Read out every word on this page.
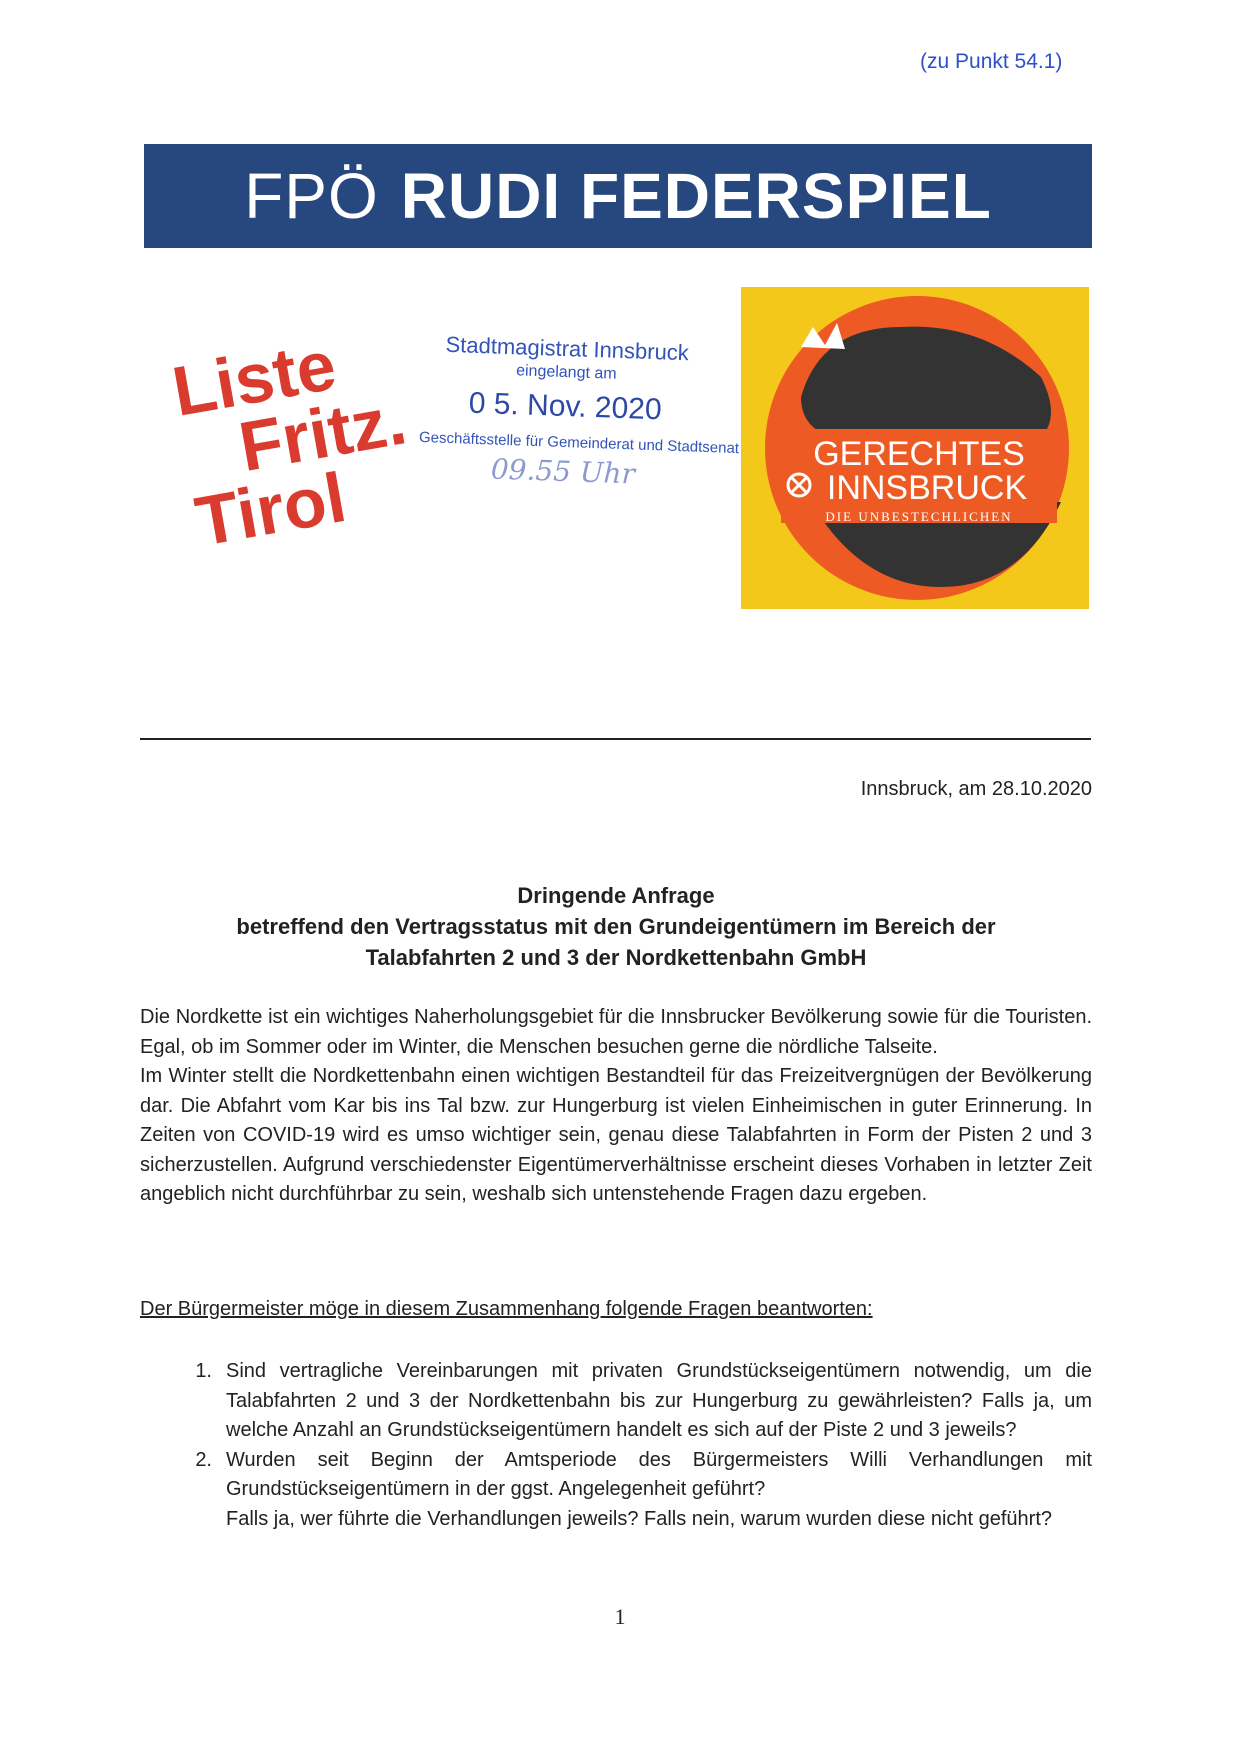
(zu Punkt 54.1)
FPÖ RUDI FEDERSPIEL
Liste
Fritz.
Tirol
Stadtmagistrat Innsbruck
eingelangt am
0 5. Nov. 2020
Geschäftsstelle für Gemeinderat und Stadtsenat
09.55 Uhr	GERECHTES
INNSBRUCK
DIE UNBESTECHLICHEN
Innsbruck, am 28.10.2020
Dringende Anfrage
betreffend den Vertragsstatus mit den Grundeigentümern im Bereich der
Talabfahrten 2 und 3 der Nordkettenbahn GmbH

Die Nordkette ist ein wichtiges Naherholungsgebiet für die Innsbrucker Bevölkerung sowie für die Touristen. Egal, ob im Sommer oder im Winter, die Menschen besuchen gerne die nördliche Talseite.

Im Winter stellt die Nordkettenbahn einen wichtigen Bestandteil für das Freizeitvergnügen der Bevölkerung dar. Die Abfahrt vom Kar bis ins Tal bzw. zur Hungerburg ist vielen Einheimischen in guter Erinnerung. In Zeiten von COVID-19 wird es umso wichtiger sein, genau diese Talabfahrten in Form der Pisten 2 und 3 sicherzustellen. Aufgrund verschiedenster Eigentümerverhältnisse erscheint dieses Vorhaben in letzter Zeit angeblich nicht durchführbar zu sein, weshalb sich untenstehende Fragen dazu ergeben.

Der Bürgermeister möge in diesem Zusammenhang folgende Fragen beantworten:
1. Sind vertragliche Vereinbarungen mit privaten Grundstückseigentümern notwendig, um die Talabfahrten 2 und 3 der Nordkettenbahn bis zur Hungerburg zu gewährleisten? Falls ja, um welche Anzahl an Grundstückseigentümern handelt es sich auf der Piste 2 und 3 jeweils?

2. Wurden seit Beginn der Amtsperiode des Bürgermeisters Willi Verhandlungen mit Grundstückseigentümern in der ggst. Angelegenheit geführt?

Falls ja, wer führte die Verhandlungen jeweils? Falls nein, warum wurden diese nicht geführt?

1
